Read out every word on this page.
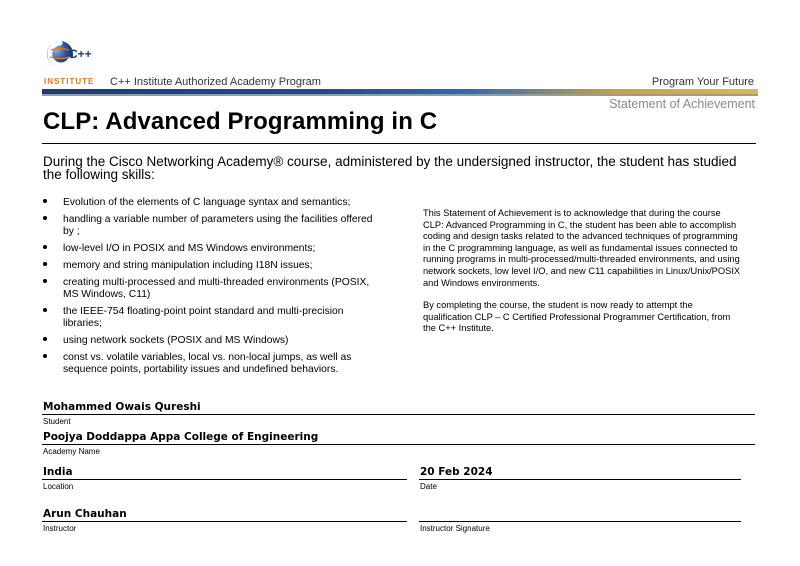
C++
INSTITUTE C++ Institute Authorized Academy Program	Program Your Future
Statement of Achievement
CLP: Advanced Programming in C
During the Cisco Networking Academy® course, administered by the undersigned instructor, the student has studied the following skills:
Evolution of the elements of C language syntax and semantics;
handling a variable number of parameters using the facilities offered by ;
low-level I/O in POSIX and MS Windows environments;
memory and string manipulation including I18N issues;
creating multi-processed and multi-threaded environments (POSIX, MS Windows, C11)
the IEEE-754 floating-point point standard and multi-precision libraries;
using network sockets (POSIX and MS Windows)
const vs. volatile variables, local vs. non-local jumps, as well as sequence points, portability issues and undefined behaviors.

This Statement of Achievement is to acknowledge that during the course CLP: Advanced Programming in C, the student has been able to accomplish coding and design tasks related to the advanced techniques of programming in the C programming language, as well as fundamental issues connected to running programs in multi-processed/multi-threaded environments, and using network sockets, low level I/O, and new C11 capabilities in Linux/Unix/POSIX and Windows environments.

By completing the course, the student is now ready to attempt the qualification CLP – C Certified Professional Programmer Certification, from the C++ Institute.

Mohammed Owais Qureshi
Student
Poojya Doddappa Appa College of Engineering
Academy Name
India
Location
20 Feb 2024
Date
Arun Chauhan
Instructor	Instructor Signature
